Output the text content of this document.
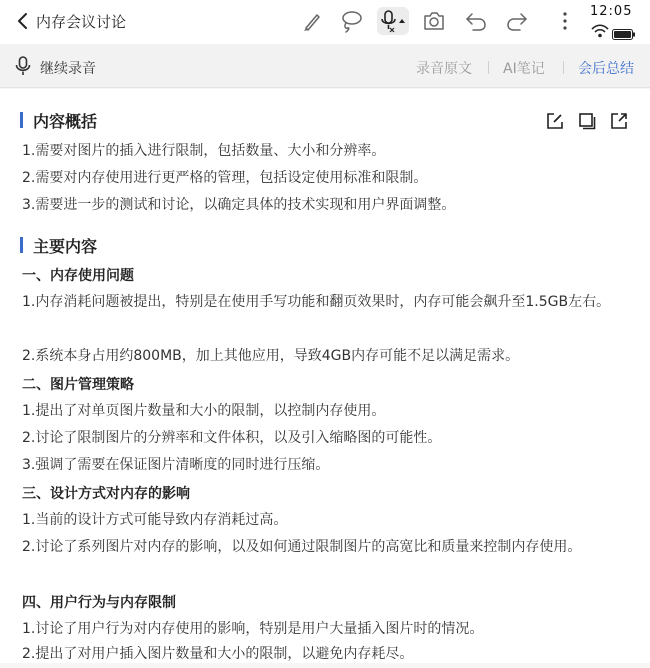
内存会议讨论
12:05
继续录音	录音原文 AI笔记 会后总结
内容概括
1.需要对图片的插入进行限制，包括数量、大小和分辨率。
2.需要对内存使用进行更严格的管理，包括设定使用标准和限制。
3.需要进一步的测试和讨论，以确定具体的技术实现和用户界面调整。
主要内容
一、内存使用问题
1.内存消耗问题被提出，特别是在使用手写功能和翻页效果时，内存可能会飙升至1.5GB左右。
2.系统本身占用约800MB，加上其他应用，导致4GB内存可能不足以满足需求。
二、图片管理策略
1.提出了对单页图片数量和大小的限制，以控制内存使用。
2.讨论了限制图片的分辨率和文件体积，以及引入缩略图的可能性。
3.强调了需要在保证图片清晰度的同时进行压缩。
三、设计方式对内存的影响
1.当前的设计方式可能导致内存消耗过高。
2.讨论了系列图片对内存的影响，以及如何通过限制图片的高宽比和质量来控制内存使用。
四、用户行为与内存限制
1.讨论了用户行为对内存使用的影响，特别是用户大量插入图片时的情况。
2.提出了对用户插入图片数量和大小的限制，以避免内存耗尽。
